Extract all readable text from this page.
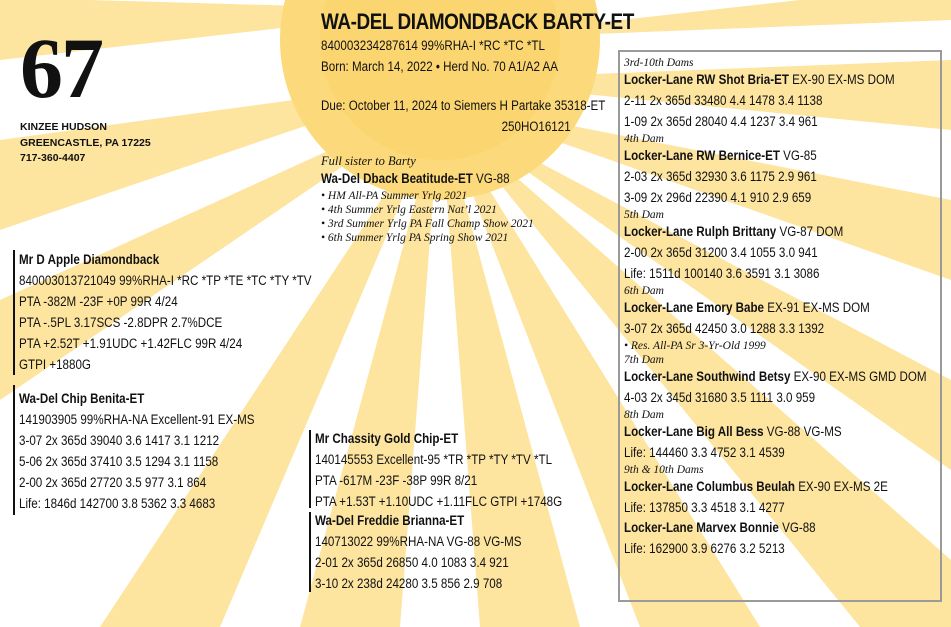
67
KINZEE HUDSON
GREENCASTLE, PA 17225
717-360-4407
WA-DEL DIAMONDBACK BARTY-ET
840003234287614 99%RHA-I *RC *TC *TL
Born: March 14, 2022 • Herd No. 70 A1/A2 AA
Due: October 11, 2024 to Siemers H Partake 35318-ET
250HO16121
Full sister to Barty
Wa-Del Dback Beatitude-ET VG-88
• HM All-PA Summer Yrlg 2021
• 4th Summer Yrlg Eastern Nat’l 2021
• 3rd Summer Yrlg PA Fall Champ Show 2021
• 6th Summer Yrlg PA Spring Show 2021
Mr D Apple Diamondback
840003013721049 99%RHA-I *RC *TP *TE *TC *TY *TV
PTA -382M -23F +0P 99R 4/24
PTA -.5PL 3.17SCS -2.8DPR 2.7%DCE
PTA +2.52T +1.91UDC +1.42FLC 99R 4/24
GTPI +1880G
Wa-Del Chip Benita-ET
141903905 99%RHA-NA Excellent-91 EX-MS
3-07 2x 365d 39040 3.6 1417 3.1 1212
5-06 2x 365d 37410 3.5 1294 3.1 1158
2-00 2x 365d 27720 3.5 977 3.1 864
Life: 1846d 142700 3.8 5362 3.3 4683
Mr Chassity Gold Chip-ET
140145553 Excellent-95 *TR *TP *TY *TV *TL
PTA -617M -23F -38P 99R 8/21
PTA +1.53T +1.10UDC +1.11FLC GTPI +1748G
Wa-Del Freddie Brianna-ET
140713022 99%RHA-NA VG-88 VG-MS
2-01 2x 365d 26850 4.0 1083 3.4 921
3-10 2x 238d 24280 3.5 856 2.9 708
3rd-10th Dams
Locker-Lane RW Shot Bria-ET EX-90 EX-MS DOM
2-11 2x 365d 33480 4.4 1478 3.4 1138
1-09 2x 365d 28040 4.4 1237 3.4 961
4th Dam
Locker-Lane RW Bernice-ET VG-85
2-03 2x 365d 32930 3.6 1175 2.9 961
3-09 2x 296d 22390 4.1 910 2.9 659
5th Dam
Locker-Lane Rulph Brittany VG-87 DOM
2-00 2x 365d 31200 3.4 1055 3.0 941
Life: 1511d 100140 3.6 3591 3.1 3086
6th Dam
Locker-Lane Emory Babe EX-91 EX-MS DOM
3-07 2x 365d 42450 3.0 1288 3.3 1392
• Res. All-PA Sr 3-Yr-Old 1999
7th Dam
Locker-Lane Southwind Betsy EX-90 EX-MS GMD DOM
4-03 2x 345d 31680 3.5 1111 3.0 959
8th Dam
Locker-Lane Big All Bess VG-88 VG-MS
Life: 144460 3.3 4752 3.1 4539
9th & 10th Dams
Locker-Lane Columbus Beulah EX-90 EX-MS 2E
Life: 137850 3.3 4518 3.1 4277
Locker-Lane Marvex Bonnie VG-88
Life: 162900 3.9 6276 3.2 5213
